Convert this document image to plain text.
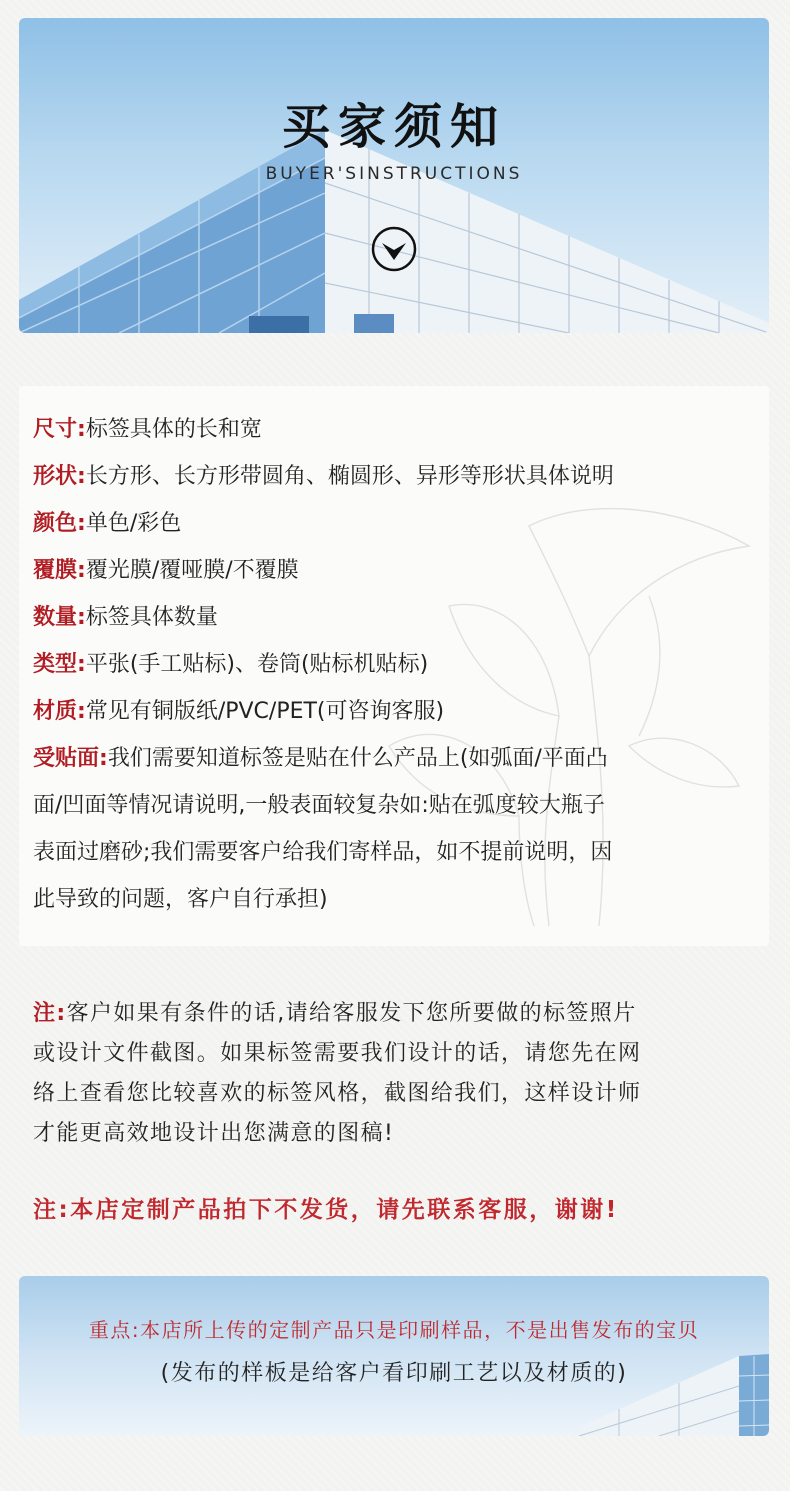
买家须知
BUYER'SINSTRUCTIONS
尺寸:标签具体的长和宽
形状:长方形、长方形带圆角、椭圆形、异形等形状具体说明
颜色:单色/彩色
覆膜:覆光膜/覆哑膜/不覆膜
数量:标签具体数量
类型:平张(手工贴标)、卷筒(贴标机贴标)
材质:常见有铜版纸/PVC/PET(可咨询客服)
受贴面:我们需要知道标签是贴在什么产品上(如弧面/平面凸
面/凹面等情况请说明,一般表面较复杂如:贴在弧度较大瓶子
表面过磨砂;我们需要客户给我们寄样品，如不提前说明，因
此导致的问题，客户自行承担)
注:客户如果有条件的话,请给客服发下您所要做的标签照片
或设计文件截图。如果标签需要我们设计的话，请您先在网
络上查看您比较喜欢的标签风格，截图给我们，这样设计师
才能更高效地设计出您满意的图稿!
注:本店定制产品拍下不发货，请先联系客服，谢谢!
重点:本店所上传的定制产品只是印刷样品，不是出售发布的宝贝
(发布的样板是给客户看印刷工艺以及材质的)
